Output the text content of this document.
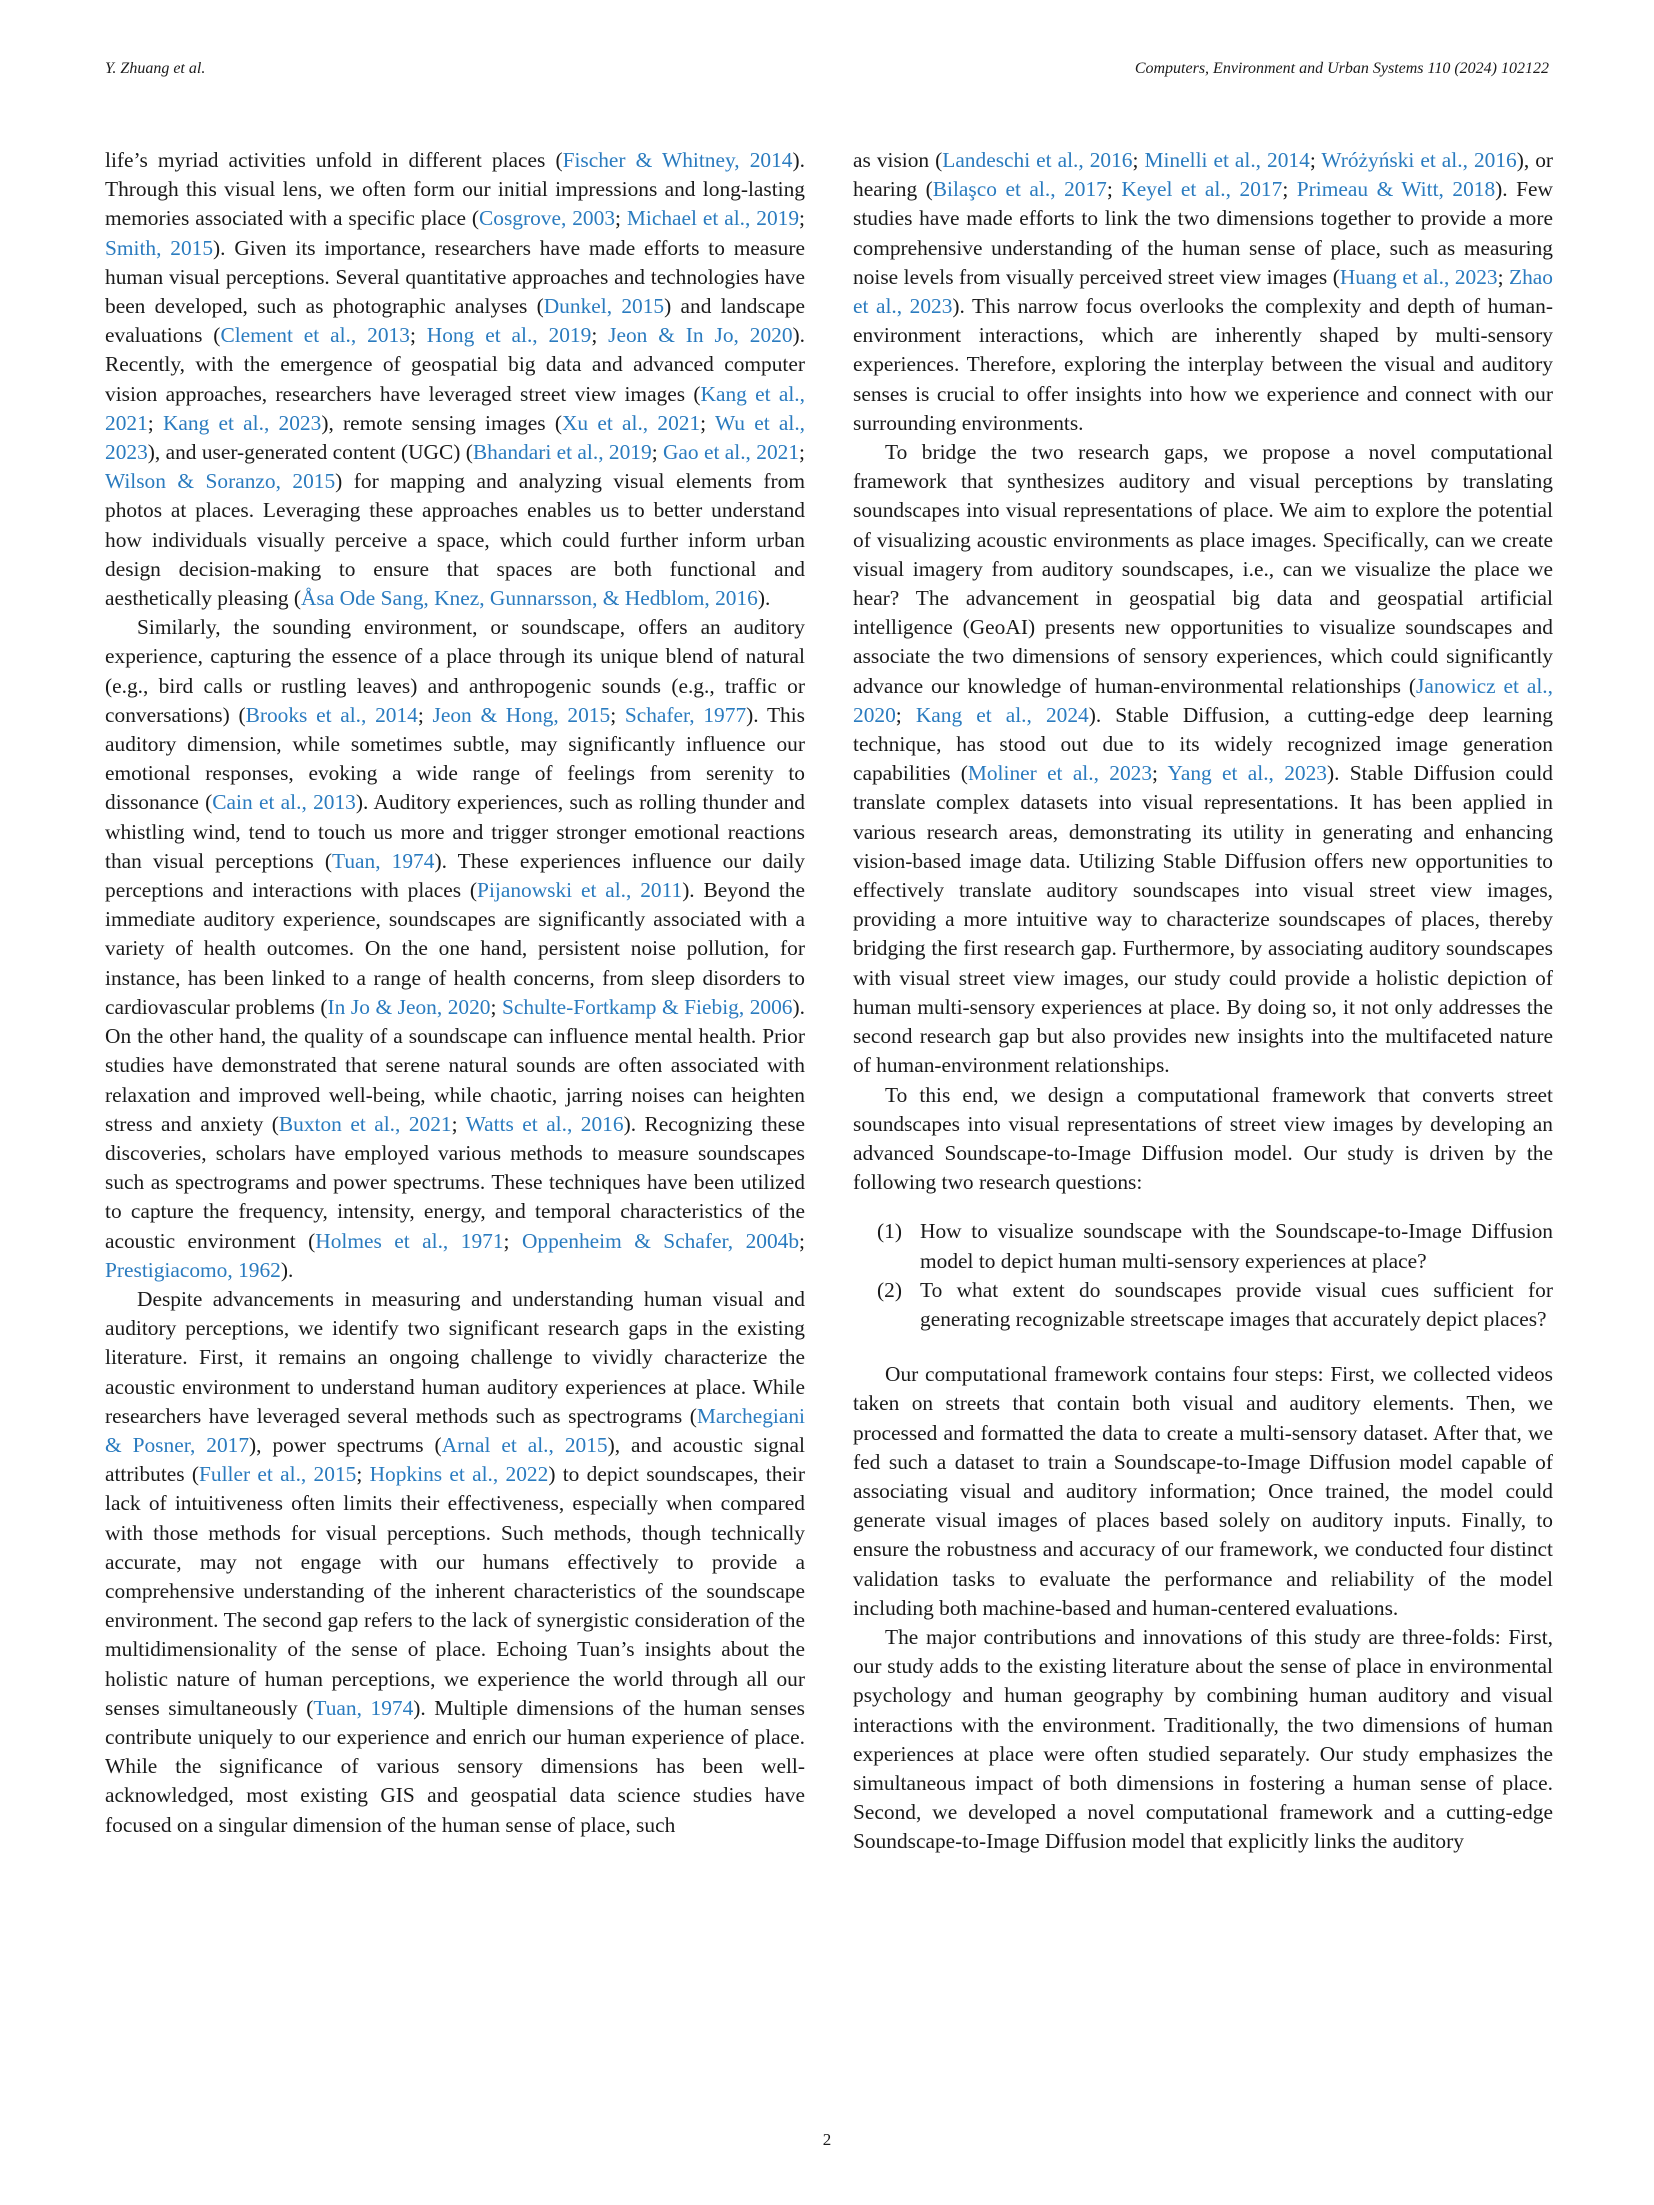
Y. Zhuang et al.	Computers, Environment and Urban Systems 110 (2024) 102122

life’s myriad activities unfold in different places (Fischer & Whitney, 2014). Through this visual lens, we often form our initial impressions and long-lasting memories associated with a specific place (Cosgrove, 2003; Michael et al., 2019; Smith, 2015). Given its importance, researchers have made efforts to measure human visual perceptions. Several quantitative approaches and technologies have been developed, such as photographic analyses (Dunkel, 2015) and landscape evaluations (Clement et al., 2013; Hong et al., 2019; Jeon & In Jo, 2020). Recently, with the emergence of geospatial big data and advanced computer vision approaches, researchers have leveraged street view images (Kang et al., 2021; Kang et al., 2023), remote sensing images (Xu et al., 2021; Wu et al., 2023), and user-generated content (UGC) (Bhandari et al., 2019; Gao et al., 2021; Wilson & Soranzo, 2015) for mapping and analyzing visual elements from photos at places. Leveraging these approaches enables us to better understand how individuals visually perceive a space, which could further inform urban design decision-making to ensure that spaces are both functional and aesthetically pleasing (Åsa Ode Sang, Knez, Gunnarsson, & Hedblom, 2016).

Similarly, the sounding environment, or soundscape, offers an auditory experience, capturing the essence of a place through its unique blend of natural (e.g., bird calls or rustling leaves) and anthropogenic sounds (e.g., traffic or conversations) (Brooks et al., 2014; Jeon & Hong, 2015; Schafer, 1977). This auditory dimension, while sometimes subtle, may significantly influence our emotional responses, evoking a wide range of feelings from serenity to dissonance (Cain et al., 2013). Auditory experiences, such as rolling thunder and whistling wind, tend to touch us more and trigger stronger emotional reactions than visual perceptions (Tuan, 1974). These experiences influence our daily perceptions and interactions with places (Pijanowski et al., 2011). Beyond the immediate auditory experience, soundscapes are significantly associated with a variety of health outcomes. On the one hand, persistent noise pollution, for instance, has been linked to a range of health concerns, from sleep disorders to cardiovascular problems (In Jo & Jeon, 2020; Schulte-Fortkamp & Fiebig, 2006). On the other hand, the quality of a soundscape can influence mental health. Prior studies have demonstrated that serene natural sounds are often associated with relaxation and improved well-being, while chaotic, jarring noises can heighten stress and anxiety (Buxton et al., 2021; Watts et al., 2016). Recognizing these discoveries, scholars have employed various methods to measure soundscapes such as spectrograms and power spectrums. These techniques have been utilized to capture the frequency, intensity, energy, and temporal characteristics of the acoustic environment (Holmes et al., 1971; Oppenheim & Schafer, 2004b; Prestigiacomo, 1962).

Despite advancements in measuring and understanding human visual and auditory perceptions, we identify two significant research gaps in the existing literature. First, it remains an ongoing challenge to vividly characterize the acoustic environment to understand human auditory experiences at place. While researchers have leveraged several methods such as spectrograms (Marchegiani & Posner, 2017), power spectrums (Arnal et al., 2015), and acoustic signal attributes (Fuller et al., 2015; Hopkins et al., 2022) to depict soundscapes, their lack of intuitiveness often limits their effectiveness, especially when compared with those methods for visual perceptions. Such methods, though technically accurate, may not engage with our humans effectively to provide a comprehensive understanding of the inherent characteristics of the soundscape environment. The second gap refers to the lack of synergistic consideration of the multidimensionality of the sense of place. Echoing Tuan’s insights about the holistic nature of human perceptions, we experience the world through all our senses simultaneously (Tuan, 1974). Multiple dimensions of the human senses contribute uniquely to our experience and enrich our human experience of place. While the significance of various sensory dimensions has been well-acknowledged, most existing GIS and geospatial data science studies have focused on a singular dimension of the human sense of place, such

as vision (Landeschi et al., 2016; Minelli et al., 2014; Wróżyński et al., 2016), or hearing (Bilaşco et al., 2017; Keyel et al., 2017; Primeau & Witt, 2018). Few studies have made efforts to link the two dimensions together to provide a more comprehensive understanding of the human sense of place, such as measuring noise levels from visually perceived street view images (Huang et al., 2023; Zhao et al., 2023). This narrow focus overlooks the complexity and depth of human-environment interactions, which are inherently shaped by multi-sensory experiences. Therefore, exploring the interplay between the visual and auditory senses is crucial to offer insights into how we experience and connect with our surrounding environments.

To bridge the two research gaps, we propose a novel computational framework that synthesizes auditory and visual perceptions by translating soundscapes into visual representations of place. We aim to explore the potential of visualizing acoustic environments as place images. Specifically, can we create visual imagery from auditory soundscapes, i.e., can we visualize the place we hear? The advancement in geospatial big data and geospatial artificial intelligence (GeoAI) presents new opportunities to visualize soundscapes and associate the two dimensions of sensory experiences, which could significantly advance our knowledge of human-environmental relationships (Janowicz et al., 2020; Kang et al., 2024). Stable Diffusion, a cutting-edge deep learning technique, has stood out due to its widely recognized image generation capabilities (Moliner et al., 2023; Yang et al., 2023). Stable Diffusion could translate complex datasets into visual representations. It has been applied in various research areas, demonstrating its utility in generating and enhancing vision-based image data. Utilizing Stable Diffusion offers new opportunities to effectively translate auditory soundscapes into visual street view images, providing a more intuitive way to characterize soundscapes of places, thereby bridging the first research gap. Furthermore, by associating auditory soundscapes with visual street view images, our study could provide a holistic depiction of human multi-sensory experiences at place. By doing so, it not only addresses the second research gap but also provides new insights into the multifaceted nature of human-environment relationships.

To this end, we design a computational framework that converts street soundscapes into visual representations of street view images by developing an advanced Soundscape-to-Image Diffusion model. Our study is driven by the following two research questions:

(1) How to visualize soundscape with the Soundscape-to-Image Diffusion model to depict human multi-sensory experiences at place?
(2) To what extent do soundscapes provide visual cues sufficient for generating recognizable streetscape images that accurately depict places?

Our computational framework contains four steps: First, we collected videos taken on streets that contain both visual and auditory elements. Then, we processed and formatted the data to create a multi-sensory dataset. After that, we fed such a dataset to train a Soundscape-to-Image Diffusion model capable of associating visual and auditory information; Once trained, the model could generate visual images of places based solely on auditory inputs. Finally, to ensure the robustness and accuracy of our framework, we conducted four distinct validation tasks to evaluate the performance and reliability of the model including both machine-based and human-centered evaluations.

The major contributions and innovations of this study are three-folds: First, our study adds to the existing literature about the sense of place in environmental psychology and human geography by combining human auditory and visual interactions with the environment. Traditionally, the two dimensions of human experiences at place were often studied separately. Our study emphasizes the simultaneous impact of both dimensions in fostering a human sense of place. Second, we developed a novel computational framework and a cutting-edge Soundscape-to-Image Diffusion model that explicitly links the auditory

2
